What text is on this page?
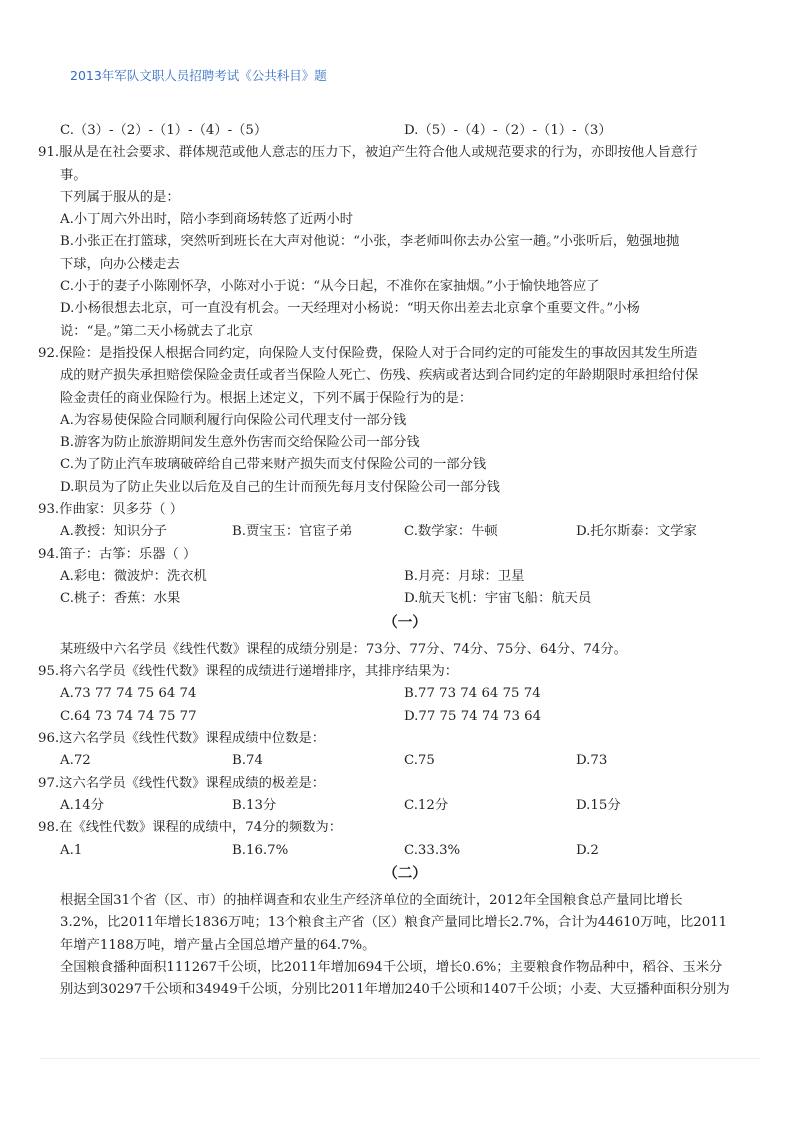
2013年军队文职人员招聘考试《公共科目》题
C.（3）-（2）-（1）-（4）-（5）	D.（5）-（4）-（2）-（1）-（3）

91.服从是在社会要求、群体规范或他人意志的压力下，被迫产生符合他人或规范要求的行为，亦即按他人旨意行

事。

下列属于服从的是：

A.小丁周六外出时，陪小李到商场转悠了近两小时

B.小张正在打篮球，突然听到班长在大声对他说：“小张，李老师叫你去办公室一趟。”小张听后，勉强地抛

下球，向办公楼走去

C.小于的妻子小陈刚怀孕，小陈对小于说：“从今日起，不准你在家抽烟。”小于愉快地答应了

D.小杨很想去北京，可一直没有机会。一天经理对小杨说：“明天你出差去北京拿个重要文件。”小杨

说：“是。”第二天小杨就去了北京

92.保险：是指投保人根据合同约定，向保险人支付保险费，保险人对于合同约定的可能发生的事故因其发生所造

成的财产损失承担赔偿保险金责任或者当保险人死亡、伤残、疾病或者达到合同约定的年龄期限时承担给付保

险金责任的商业保险行为。根据上述定义，下列不属于保险行为的是：

A.为容易使保险合同顺利履行向保险公司代理支付一部分钱

B.游客为防止旅游期间发生意外伤害而交给保险公司一部分钱

C.为了防止汽车玻璃破碎给自己带来财产损失而支付保险公司的一部分钱

D.职员为了防止失业以后危及自己的生计而预先每月支付保险公司一部分钱

93.作曲家：贝多芬（ ）

A.教授：知识分子	B.贾宝玉：官宦子弟	C.数学家：牛顿	D.托尔斯泰：文学家

94.笛子：古筝：乐器（ ）

A.彩电：微波炉：洗衣机	B.月亮：月球：卫星
C.桃子：香蕉：水果	D.航天飞机：宇宙飞船：航天员

（一）

某班级中六名学员《线性代数》课程的成绩分别是：73分、77分、74分、75分、64分、74分。

95.将六名学员《线性代数》课程的成绩进行递增排序，其排序结果为：

A.73 77 74 75 64 74	B.77 73 74 64 75 74
C.64 73 74 74 75 77	D.77 75 74 74 73 64

96.这六名学员《线性代数》课程成绩中位数是：

A.72	B.74	C.75	D.73

97.这六名学员《线性代数》课程成绩的极差是：

A.14分	B.13分	C.12分	D.15分

98.在《线性代数》课程的成绩中，74分的频数为：

A.1	B.16.7%	C.33.3%	D.2

（二）

根据全国31个省（区、市）的抽样调查和农业生产经济单位的全面统计，2012年全国粮食总产量同比增长

3.2%，比2011年增长1836万吨；13个粮食主产省（区）粮食产量同比增长2.7%，合计为44610万吨，比2011

年增产1188万吨，增产量占全国总增产量的64.7%。

全国粮食播种面积111267千公顷，比2011年增加694千公顷，增长0.6%；主要粮食作物品种中，稻谷、玉米分

别达到30297千公顷和34949千公顷，分别比2011年增加240千公顷和1407千公顷；小麦、大豆播种面积分别为
